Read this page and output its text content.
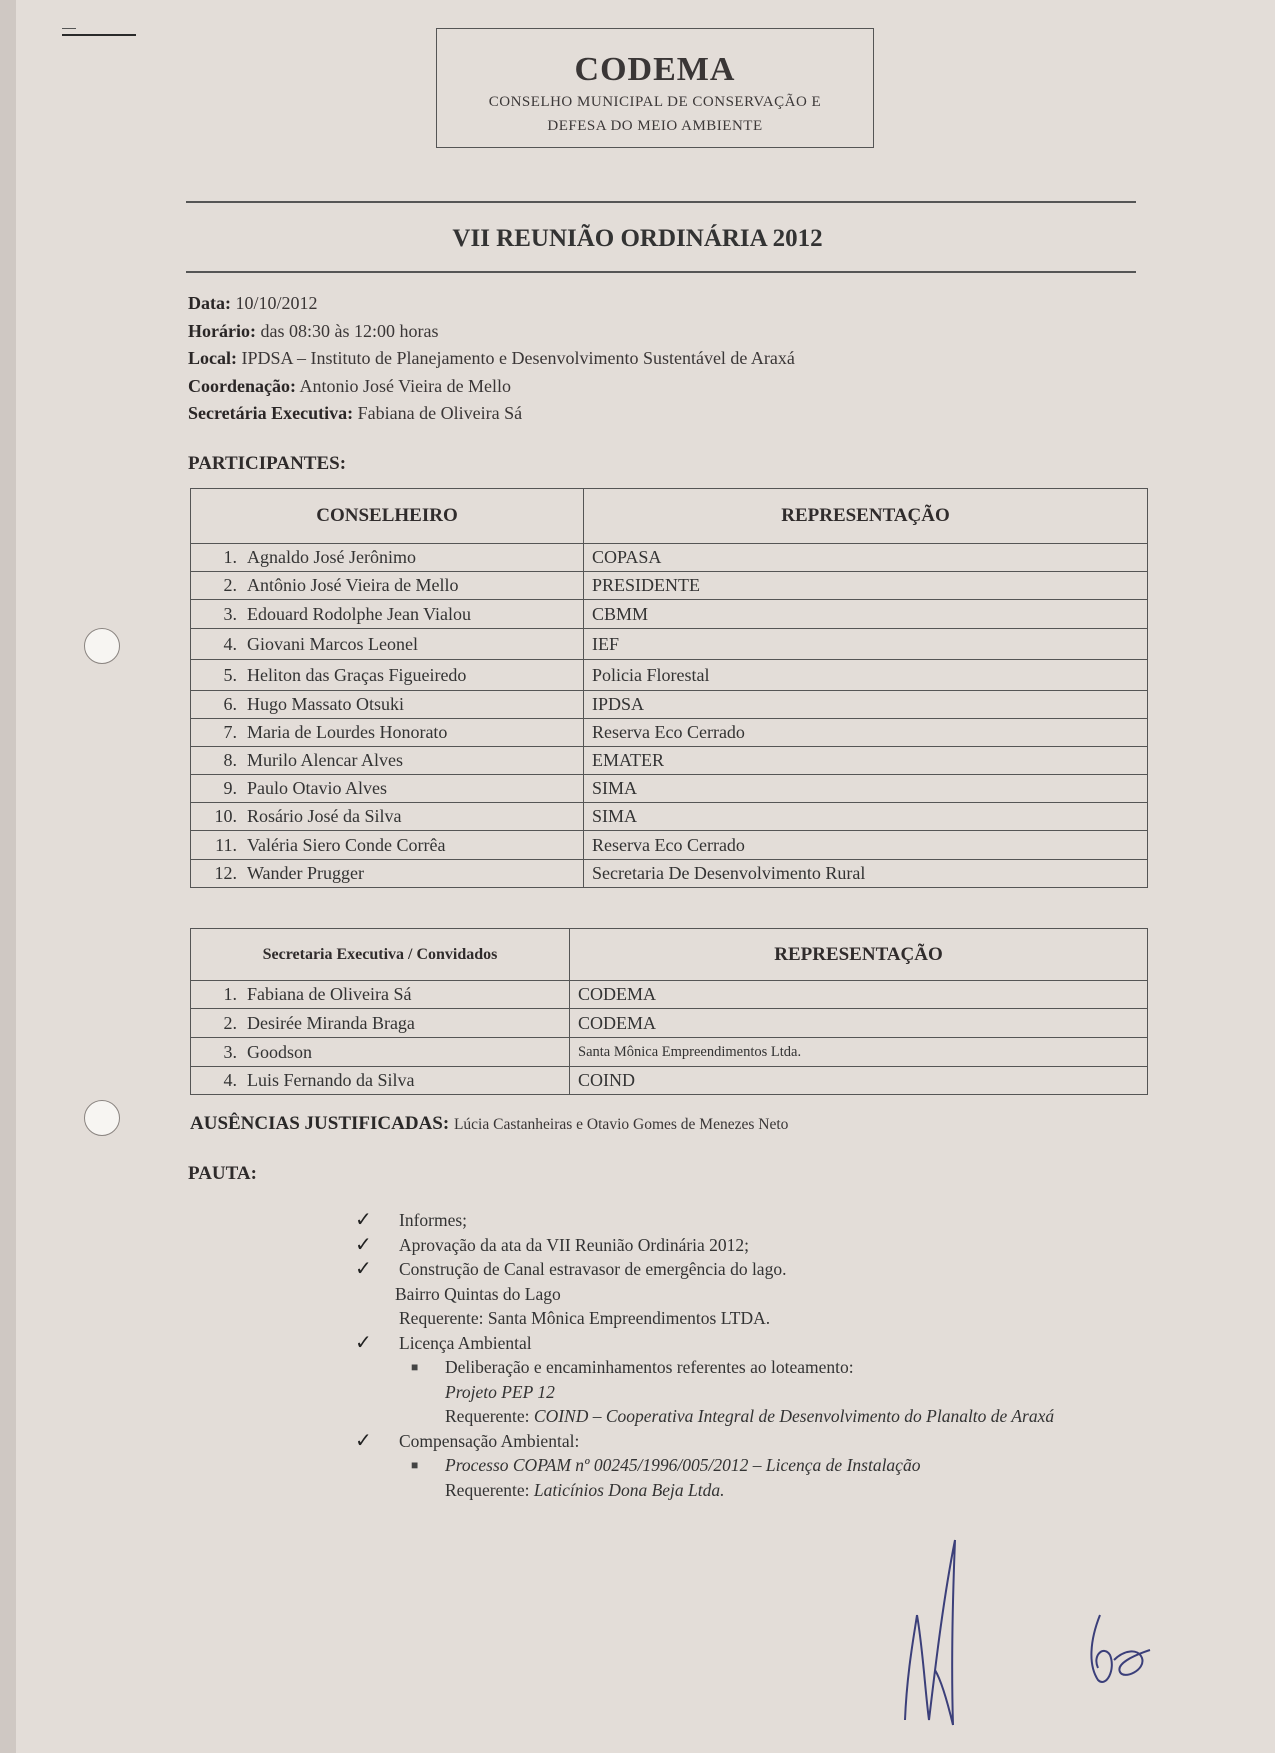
CODEMA
CONSELHO MUNICIPAL DE CONSERVAÇÃO E
DEFESA DO MEIO AMBIENTE
VII REUNIÃO ORDINÁRIA 2012
Data: 10/10/2012
Horário: das 08:30 às 12:00 horas
Local: IPDSA – Instituto de Planejamento e Desenvolvimento Sustentável de Araxá
Coordenação: Antonio José Vieira de Mello
Secretária Executiva: Fabiana de Oliveira Sá
PARTICIPANTES:
CONSELHEIRO	REPRESENTAÇÃO
1. Agnaldo José Jerônimo	COPASA
2. Antônio José Vieira de Mello	PRESIDENTE
3. Edouard Rodolphe Jean Vialou	CBMM
4. Giovani Marcos Leonel	IEF
5. Heliton das Graças Figueiredo	Policia Florestal
6. Hugo Massato Otsuki	IPDSA
7. Maria de Lourdes Honorato	Reserva Eco Cerrado
8. Murilo Alencar Alves	EMATER
9. Paulo Otavio Alves	SIMA
10. Rosário José da Silva	SIMA
11. Valéria Siero Conde Corrêa	Reserva Eco Cerrado
12. Wander Prugger	Secretaria De Desenvolvimento Rural
Secretaria Executiva / Convidados	REPRESENTAÇÃO
1. Fabiana de Oliveira Sá	CODEMA
2. Desirée Miranda Braga	CODEMA
3. Goodson	Santa Mônica Empreendimentos Ltda.
4. Luis Fernando da Silva	COIND
AUSÊNCIAS JUSTIFICADAS: Lúcia Castanheiras e Otavio Gomes de Menezes Neto
PAUTA:
✓ Informes;
✓ Aprovação da ata da VII Reunião Ordinária 2012;
✓ Construção de Canal estravasor de emergência do lago.
Bairro Quintas do Lago
Requerente: Santa Mônica Empreendimentos LTDA.
✓ Licença Ambiental
■ Deliberação e encaminhamentos referentes ao loteamento:
Projeto PEP 12
Requerente: COIND – Cooperativa Integral de Desenvolvimento do Planalto de Araxá
✓ Compensação Ambiental:
■ Processo COPAM nº 00245/1996/005/2012 – Licença de Instalação
Requerente: Laticínios Dona Beja Ltda.
